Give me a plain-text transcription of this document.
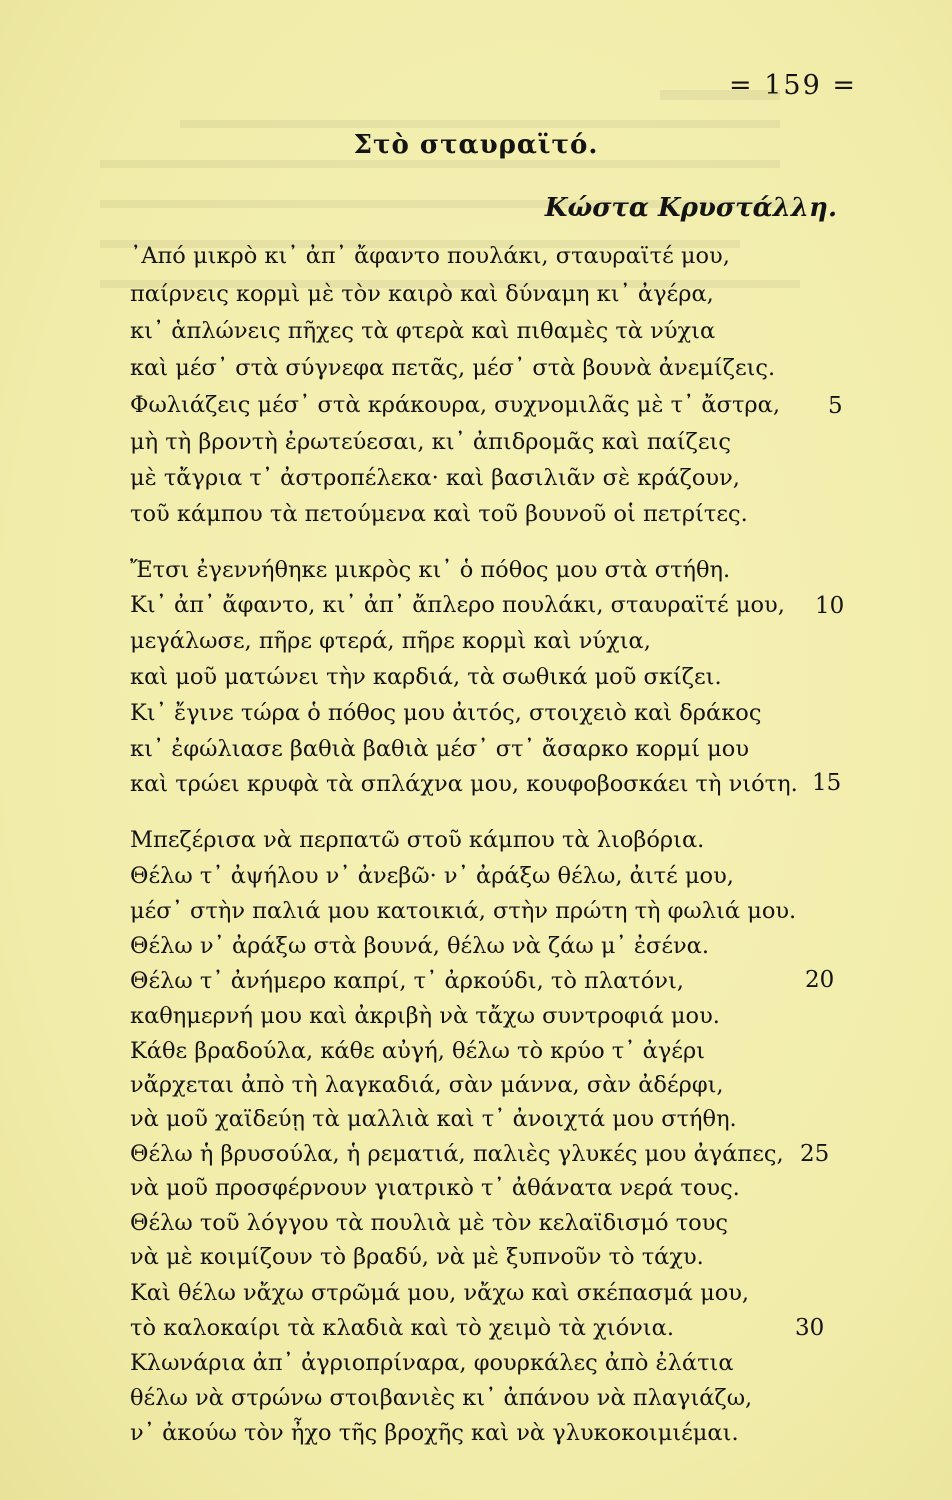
= 159 =
Στὸ σταυραϊτό.
Κώστα Κρυστάλλη.
᾿Από μικρὸ κι᾿ ἀπ᾿ ἄφαντο πουλάκι, σταυραϊτέ μου,
παίρνεις κορμὶ μὲ τὸν καιρὸ καὶ δύναμη κι᾿ ἀγέρα,
κι᾿ ἁπλώνεις πῆχες τὰ φτερὰ καὶ πιθαμὲς τὰ νύχια
καὶ μέσ᾿ στὰ σύγνεφα πετᾶς, μέσ᾿ στὰ βουνὰ ἀνεμίζεις.
Φωλιάζεις μέσ᾿ στὰ κράκουρα, συχνομιλᾶς μὲ τ᾿ ἄστρα,
μὴ τὴ βροντὴ ἐρωτεύεσαι, κι᾿ ἀπιδρομᾶς καὶ παίζεις
μὲ τἄγρια τ᾿ ἀστροπέλεκα· καὶ βασιλιᾶν σὲ κράζουν,
τοῦ κάμπου τὰ πετούμενα καὶ τοῦ βουνοῦ οἱ πετρίτες.
Ἔτσι ἐγεννήθηκε μικρὸς κι᾿ ὁ πόθος μου στὰ στήθη.
Κι᾿ ἀπ᾿ ἄφαντο, κι᾿ ἀπ᾿ ἄπλερο πουλάκι, σταυραϊτέ μου,
μεγάλωσε, πῆρε φτερά, πῆρε κορμὶ καὶ νύχια,
καὶ μοῦ ματώνει τὴν καρδιά, τὰ σωθικά μοῦ σκίζει.
Κι᾿ ἔγινε τώρα ὁ πόθος μου ἀιτός, στοιχειὸ καὶ δράκος
κι᾿ ἐφώλιασε βαθιὰ βαθιὰ μέσ᾿ στ᾿ ἄσαρκο κορμί μου
καὶ τρώει κρυφὰ τὰ σπλάχνα μου, κουφοβοσκάει τὴ νιότη.
Μπεζέρισα νὰ περπατῶ στοῦ κάμπου τὰ λιοβόρια.
Θέλω τ᾿ ἀψήλου ν᾿ ἀνεβῶ· ν᾿ ἀράξω θέλω, ἀιτέ μου,
μέσ᾿ στὴν παλιά μου κατοικιά, στὴν πρώτη τὴ φωλιά μου.
Θέλω ν᾿ ἀράξω στὰ βουνά, θέλω νὰ ζάω μ᾿ ἐσένα.
Θέλω τ᾿ ἀνήμερο καπρί, τ᾿ ἀρκούδι, τὸ πλατόνι,
καθημερνή μου καὶ ἀκριβὴ νὰ τἄχω συντροφιά μου.
Κάθε βραδούλα, κάθε αὐγή, θέλω τὸ κρύο τ᾿ ἀγέρι
νἄρχεται ἀπὸ τὴ λαγκαδιά, σὰν μάννα, σὰν ἀδέρφι,
νὰ μοῦ χαϊδεύῃ τὰ μαλλιὰ καὶ τ᾿ ἀνοιχτά μου στήθη.
Θέλω ἡ βρυσούλα, ἡ ρεματιά, παλιὲς γλυκές μου ἀγάπες,
νὰ μοῦ προσφέρνουν γιατρικὸ τ᾿ ἀθάνατα νερά τους.
Θέλω τοῦ λόγγου τὰ πουλιὰ μὲ τὸν κελαϊδισμό τους
νὰ μὲ κοιμίζουν τὸ βραδύ, νὰ μὲ ξυπνοῦν τὸ τάχυ.
Καὶ θέλω νἄχω στρῶμά μου, νἄχω καὶ σκέπασμά μου,
τὸ καλοκαίρι τὰ κλαδιὰ καὶ τὸ χειμὸ τὰ χιόνια.
Κλωνάρια ἀπ᾿ ἀγριοπρίναρα, φουρκάλες ἀπὸ ἐλάτια
θέλω νὰ στρώνω στοιβανιὲς κι᾿ ἀπάνου νὰ πλαγιάζω,
ν᾿ ἀκούω τὸν ἦχο τῆς βροχῆς καὶ νὰ γλυκοκοιμιέμαι.
5
10
15
20
25
30
